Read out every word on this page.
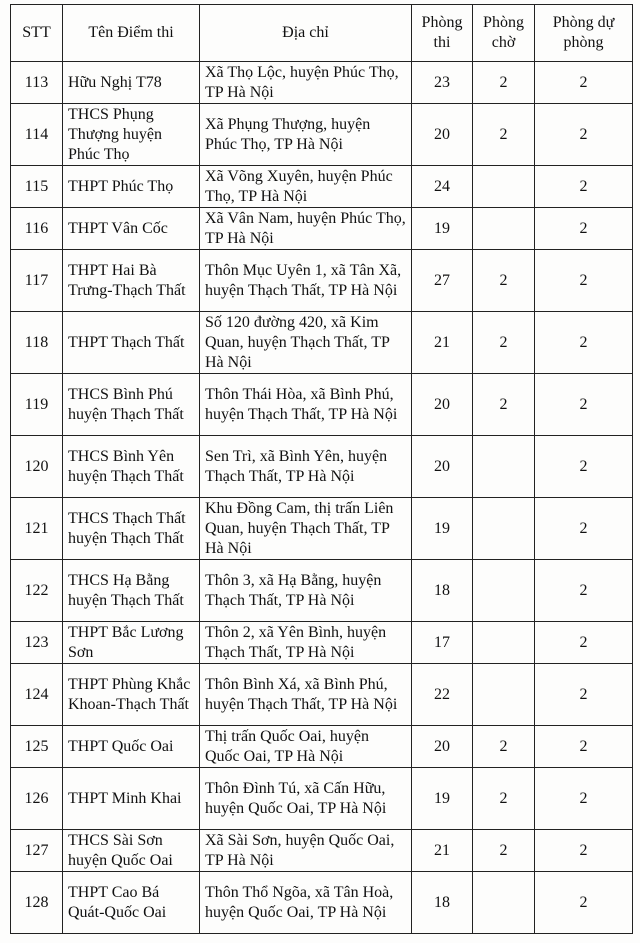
STT	Tên Điểm thi	Địa chỉ	Phòng thi	Phòng chờ	Phòng dự phòng
113	Hữu Nghị T78	Xã Thọ Lộc, huyện Phúc Thọ, TP Hà Nội	23	2	2
114	THCS Phụng Thượng huyện Phúc Thọ	Xã Phụng Thượng, huyện Phúc Thọ, TP Hà Nội	20	2	2
115	THPT Phúc Thọ	Xã Võng Xuyên, huyện Phúc Thọ, TP Hà Nội	24		2
116	THPT Vân Cốc	Xã Vân Nam, huyện Phúc Thọ, TP Hà Nội	19		2
117	THPT Hai Bà Trưng-Thạch Thất	Thôn Mục Uyên 1, xã Tân Xã, huyện Thạch Thất, TP Hà Nội	27	2	2
118	THPT Thạch Thất	Số 120 đường 420, xã Kim Quan, huyện Thạch Thất, TP Hà Nội	21	2	2
119	THCS Bình Phú huyện Thạch Thất	Thôn Thái Hòa, xã Bình Phú, huyện Thạch Thất, TP Hà Nội	20	2	2
120	THCS Bình Yên huyện Thạch Thất	Sen Trì, xã Bình Yên, huyện Thạch Thất, TP Hà Nội	20		2
121	THCS Thạch Thất huyện Thạch Thất	Khu Đồng Cam, thị trấn Liên Quan, huyện Thạch Thất, TP Hà Nội	19		2
122	THCS Hạ Bằng huyện Thạch Thất	Thôn 3, xã Hạ Bằng, huyện Thạch Thất, TP Hà Nội	18		2
123	THPT Bắc Lương Sơn	Thôn 2, xã Yên Bình, huyện Thạch Thất, TP Hà Nội	17		2
124	THPT Phùng Khắc Khoan-Thạch Thất	Thôn Bình Xá, xã Bình Phú, huyện Thạch Thất, TP Hà Nội	22		2
125	THPT Quốc Oai	Thị trấn Quốc Oai, huyện Quốc Oai, TP Hà Nội	20	2	2
126	THPT Minh Khai	Thôn Đình Tú, xã Cấn Hữu, huyện Quốc Oai, TP Hà Nội	19	2	2
127	THCS Sài Sơn huyện Quốc Oai	Xã Sài Sơn, huyện Quốc Oai, TP Hà Nội	21	2	2
128	THPT Cao Bá Quát-Quốc Oai	Thôn Thổ Ngõa, xã Tân Hoà, huyện Quốc Oai, TP Hà Nội	18		2
